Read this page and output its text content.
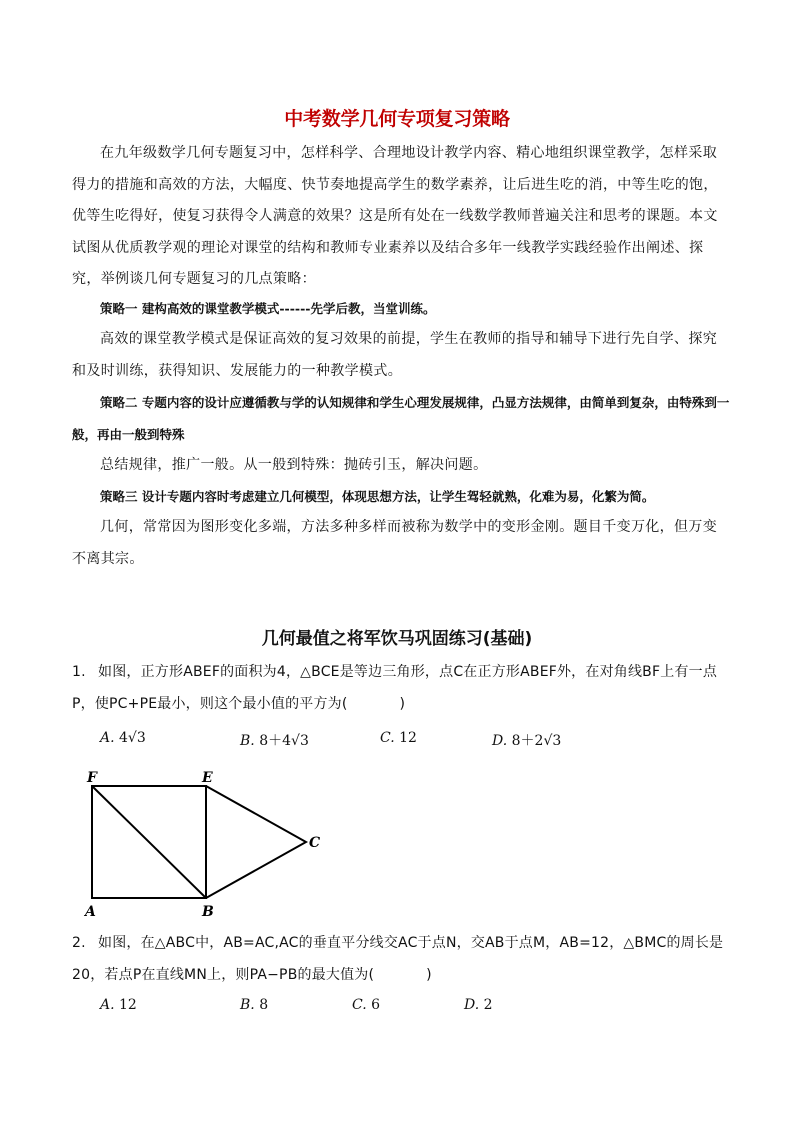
中考数学几何专项复习策略
在九年级数学几何专题复习中，怎样科学、合理地设计教学内容、精心地组织课堂教学，怎样采取得力的措施和高效的方法，大幅度、快节奏地提高学生的数学素养，让后进生吃的消，中等生吃的饱，优等生吃得好，使复习获得令人满意的效果？这是所有处在一线数学教师普遍关注和思考的课题。本文试图从优质教学观的理论对课堂的结构和教师专业素养以及结合多年一线教学实践经验作出阐述、探究，举例谈几何专题复习的几点策略：
策略一 建构高效的课堂教学模式------先学后教，当堂训练。
高效的课堂教学模式是保证高效的复习效果的前提，学生在教师的指导和辅导下进行先自学、探究和及时训练，获得知识、发展能力的一种教学模式。
策略二 专题内容的设计应遵循教与学的认知规律和学生心理发展规律，凸显方法规律，由简单到复杂，由特殊到一般，再由一般到特殊
总结规律，推广一般。从一般到特殊：抛砖引玉，解决问题。
策略三 设计专题内容时考虑建立几何模型，体现思想方法，让学生驾轻就熟，化难为易，化繁为简。
几何，常常因为图形变化多端，方法多种多样而被称为数学中的变形金刚。题目千变万化，但万变不离其宗。
几何最值之将军饮马巩固练习(基础)
1. 如图，正方形ABEF的面积为4，△BCE是等边三角形，点C在正方形ABEF外，在对角线BF上有一点P，使PC+PE最小，则这个最小值的平方为(	)
A. 4√3	B. 8＋4√3	C. 12	D. 8＋2√3
F	E
C
A	B
2. 如图，在△ABC中，AB=AC,AC的垂直平分线交AC于点N，交AB于点M，AB=12，△BMC的周长是20，若点P在直线MN上，则PA−PB的最大值为(	)
A. 12	B. 8	C. 6	D. 2
